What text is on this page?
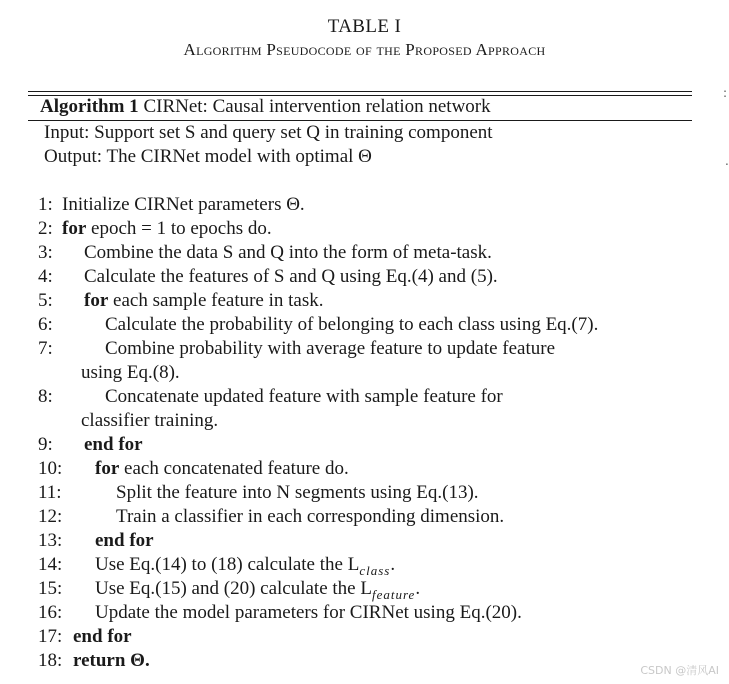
TABLE I
Algorithm Pseudocode of the Proposed Approach
Algorithm 1 CIRNet: Causal intervention relation network
Input: Support set S and query set Q in training component
Output: The CIRNet model with optimal Θ
1: Initialize CIRNet parameters Θ.
2: for epoch = 1 to epochs do.
3: Combine the data S and Q into the form of meta-task.
4: Calculate the features of S and Q using Eq.(4) and (5).
5: for each sample feature in task.
6:	Calculate the probability of belonging to each class using Eq.(7).
7:	Combine probability with average feature to update feature
using Eq.(8).
8:	Concatenate updated feature with sample feature for
classifier training.
9: end for
10: for each concatenated feature do.
11:	Split the feature into N segments using Eq.(13).
12:	Train a classifier in each corresponding dimension.
13: end for
14: Use Eq.(14) to (18) calculate the $L_{class}$.
15: Use Eq.(15) and (20) calculate the $L_{feature}$.
16: Update the model parameters for CIRNet using Eq.(20).
17: end for
18: return Θ.
:
.
CSDN @清风AI
